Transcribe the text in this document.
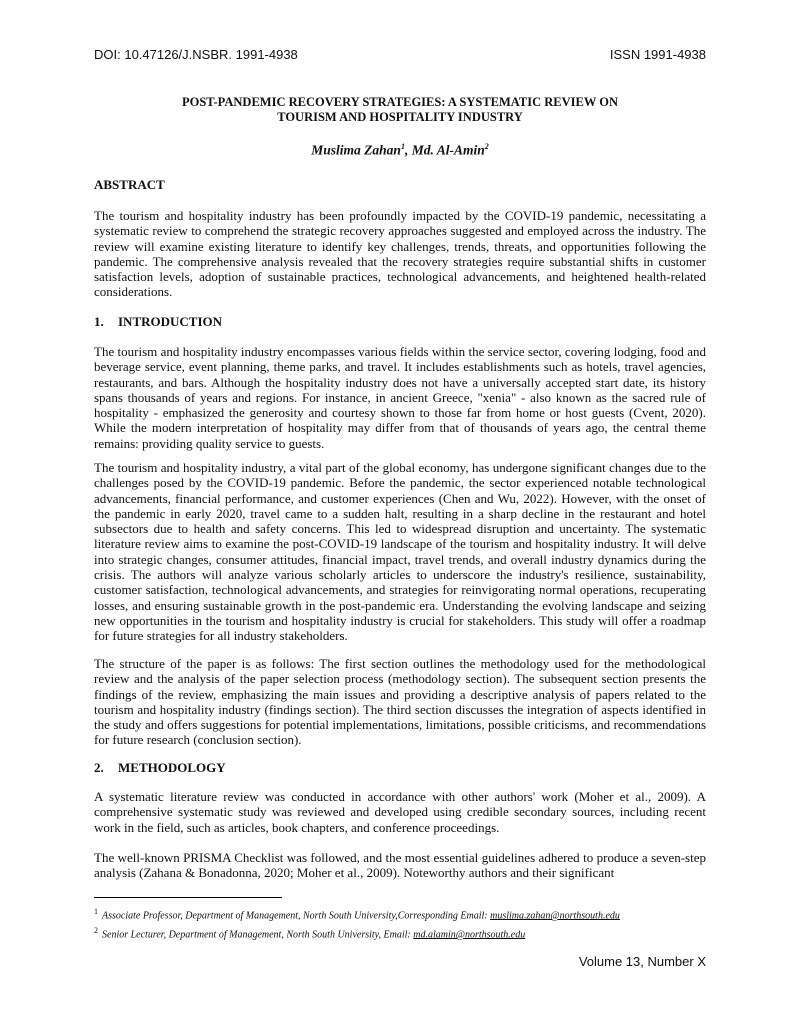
DOI: 10.47126/J.NSBR. 1991-4938	ISSN 1991-4938
POST-PANDEMIC RECOVERY STRATEGIES: A SYSTEMATIC REVIEW ON
TOURISM AND HOSPITALITY INDUSTRY
Muslima Zahan$^1$, Md. Al-Amin$^2$
ABSTRACT
The tourism and hospitality industry has been profoundly impacted by the COVID-19 pandemic, necessitating a systematic review to comprehend the strategic recovery approaches suggested and employed across the industry. The review will examine existing literature to identify key challenges, trends, threats, and opportunities following the pandemic. The comprehensive analysis revealed that the recovery strategies require substantial shifts in customer satisfaction levels, adoption of sustainable practices, technological advancements, and heightened health-related considerations.
1. INTRODUCTION
The tourism and hospitality industry encompasses various fields within the service sector, covering lodging, food and beverage service, event planning, theme parks, and travel. It includes establishments such as hotels, travel agencies, restaurants, and bars. Although the hospitality industry does not have a universally accepted start date, its history spans thousands of years and regions. For instance, in ancient Greece, "xenia" - also known as the sacred rule of hospitality - emphasized the generosity and courtesy shown to those far from home or host guests (Cvent, 2020). While the modern interpretation of hospitality may differ from that of thousands of years ago, the central theme remains: providing quality service to guests.
The tourism and hospitality industry, a vital part of the global economy, has undergone significant changes due to the challenges posed by the COVID-19 pandemic. Before the pandemic, the sector experienced notable technological advancements, financial performance, and customer experiences (Chen and Wu, 2022). However, with the onset of the pandemic in early 2020, travel came to a sudden halt, resulting in a sharp decline in the restaurant and hotel subsectors due to health and safety concerns. This led to widespread disruption and uncertainty. The systematic literature review aims to examine the post-COVID-19 landscape of the tourism and hospitality industry. It will delve into strategic changes, consumer attitudes, financial impact, travel trends, and overall industry dynamics during the crisis. The authors will analyze various scholarly articles to underscore the industry's resilience, sustainability, customer satisfaction, technological advancements, and strategies for reinvigorating normal operations, recuperating losses, and ensuring sustainable growth in the post-pandemic era. Understanding the evolving landscape and seizing new opportunities in the tourism and hospitality industry is crucial for stakeholders. This study will offer a roadmap for future strategies for all industry stakeholders.
The structure of the paper is as follows: The first section outlines the methodology used for the methodological review and the analysis of the paper selection process (methodology section). The subsequent section presents the findings of the review, emphasizing the main issues and providing a descriptive analysis of papers related to the tourism and hospitality industry (findings section). The third section discusses the integration of aspects identified in the study and offers suggestions for potential implementations, limitations, possible criticisms, and recommendations for future research (conclusion section).
2. METHODOLOGY
A systematic literature review was conducted in accordance with other authors' work (Moher et al., 2009). A comprehensive systematic study was reviewed and developed using credible secondary sources, including recent work in the field, such as articles, book chapters, and conference proceedings.
The well-known PRISMA Checklist was followed, and the most essential guidelines adhered to produce a seven-step analysis (Zahana & Bonadonna, 2020; Moher et al., 2009). Noteworthy authors and their significant
$^1$ Associate Professor, Department of Management, North South University,Corresponding Email: muslima.zahan@northsouth.edu
$^2$ Senior Lecturer, Department of Management, North South University, Email: md.alamin@northsouth.edu
Volume 13, Number X
